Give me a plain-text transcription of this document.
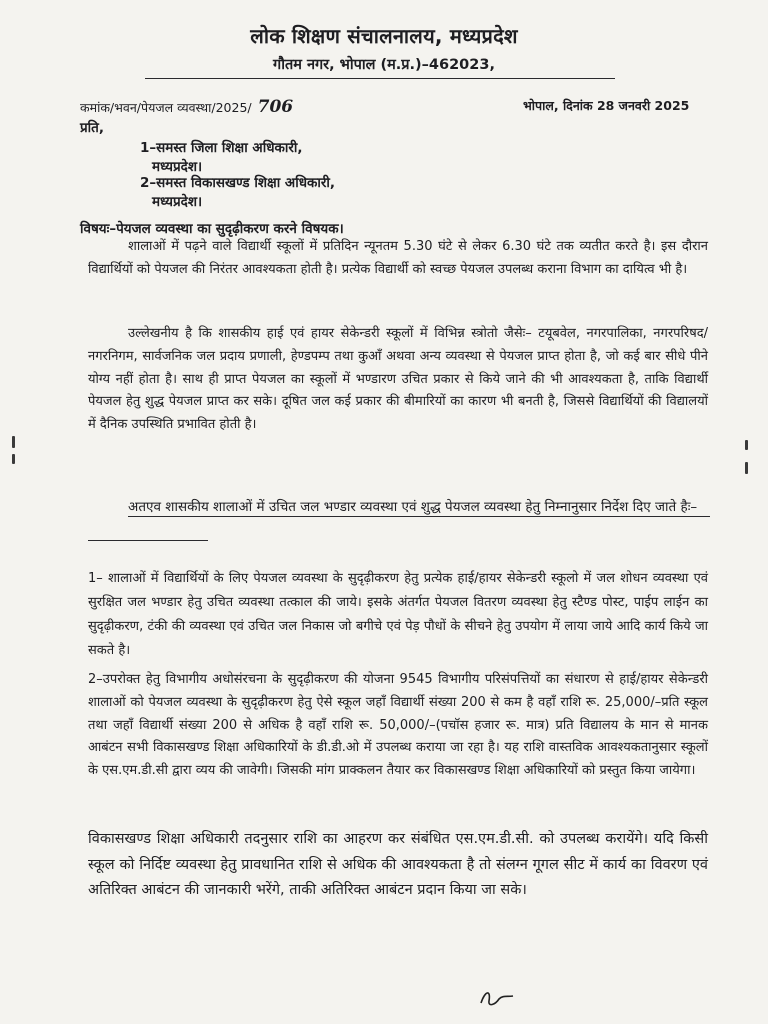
लोक शिक्षण संचालनालय, मध्यप्रदेश
गौतम नगर, भोपाल (म.प्र.)–462023,
कमांक/भवन/पेयजल व्यवस्था/2025/ 706	भोपाल, दिनांक 28 जनवरी 2025
प्रति,
1–समस्त जिला शिक्षा अधिकारी,
मध्यप्रदेश।
2–समस्त विकासखण्ड शिक्षा अधिकारी,
मध्यप्रदेश।
विषयः–पेयजल व्यवस्था का सुदृढ़ीकरण करने विषयक।
शालाओं में पढ़ने वाले विद्यार्थी स्कूलों में प्रतिदिन न्यूनतम 5.30 घंटे से लेकर 6.30 घंटे तक व्यतीत करते है। इस दौरान विद्यार्थियों को पेयजल की निरंतर आवश्यकता होती है। प्रत्येक विद्यार्थी को स्वच्छ पेयजल उपलब्ध कराना विभाग का दायित्व भी है।
उल्लेखनीय है कि शासकीय हाई एवं हायर सेकेन्डरी स्कूलों में विभिन्न स्त्रोतो जैसेः– टयूबवेल, नगरपालिका, नगरपरिषद/नगरनिगम, सार्वजनिक जल प्रदाय प्रणाली, हेण्डपम्प तथा कुआँ अथवा अन्य व्यवस्था से पेयजल प्राप्त होता है, जो कई बार सीधे पीने योग्य नहीं होता है। साथ ही प्राप्त पेयजल का स्कूलों में भण्डारण उचित प्रकार से किये जाने की भी आवश्यकता है, ताकि विद्यार्थी पेयजल हेतु शुद्ध पेयजल प्राप्त कर सके। दूषित जल कई प्रकार की बीमारियों का कारण भी बनती है, जिससे विद्यार्थियों की विद्यालयों में दैनिक उपस्थिति प्रभावित होती है।
अतएव शासकीय शालाओं में उचित जल भण्डार व्यवस्था एवं शुद्ध पेयजल व्यवस्था हेतु निम्नानुसार निर्देश दिए जाते हैः–
1– शालाओं में विद्यार्थियों के लिए पेयजल व्यवस्था के सुदृढ़ीकरण हेतु प्रत्येक हाई/हायर सेकेन्डरी स्कूलो में जल शोधन व्यवस्था एवं सुरक्षित जल भण्डार हेतु उचित व्यवस्था तत्काल की जाये। इसके अंतर्गत पेयजल वितरण व्यवस्था हेतु स्टैण्ड पोस्ट, पाईप लाईन का सुदृढ़ीकरण, टंकी की व्यवस्था एवं उचित जल निकास जो बगीचे एवं पेड़ पौधों के सीचने हेतु उपयोग में लाया जाये आदि कार्य किये जा सकते है।
2–उपरोक्त हेतु विभागीय अधोसंरचना के सुदृढ़ीकरण की योजना 9545 विभागीय परिसंपत्तियों का संधारण से हाई/हायर सेकेन्डरी शालाओं को पेयजल व्यवस्था के सुदृढ़ीकरण हेतु ऐसे स्कूल जहाँ विद्यार्थी संख्या 200 से कम है वहाँ राशि रू. 25,000/–प्रति स्कूल तथा जहाँ विद्यार्थी संख्या 200 से अधिक है वहाँ राशि रू. 50,000/–(पचॉस हजार रू. मात्र) प्रति विद्यालय के मान से मानक आबंटन सभी विकासखण्ड शिक्षा अधिकारियों के डी.डी.ओ में उपलब्ध कराया जा रहा है। यह राशि वास्तविक आवश्यकतानुसार स्कूलों के एस.एम.डी.सी द्वारा व्यय की जावेगी। जिसकी मांग प्राक्कलन तैयार कर विकासखण्ड शिक्षा अधिकारियों को प्रस्तुत किया जायेगा।
विकासखण्ड शिक्षा अधिकारी तदनुसार राशि का आहरण कर संबंधित एस.एम.डी.सी. को उपलब्ध करायेंगे। यदि किसी स्कूल को निर्दिष्ट व्यवस्था हेतु प्रावधानित राशि से अधिक की आवश्यकता है तो संलग्न गूगल सीट में कार्य का विवरण एवं अतिरिक्त आबंटन की जानकारी भरेंगे, ताकी अतिरिक्त आबंटन प्रदान किया जा सके।
